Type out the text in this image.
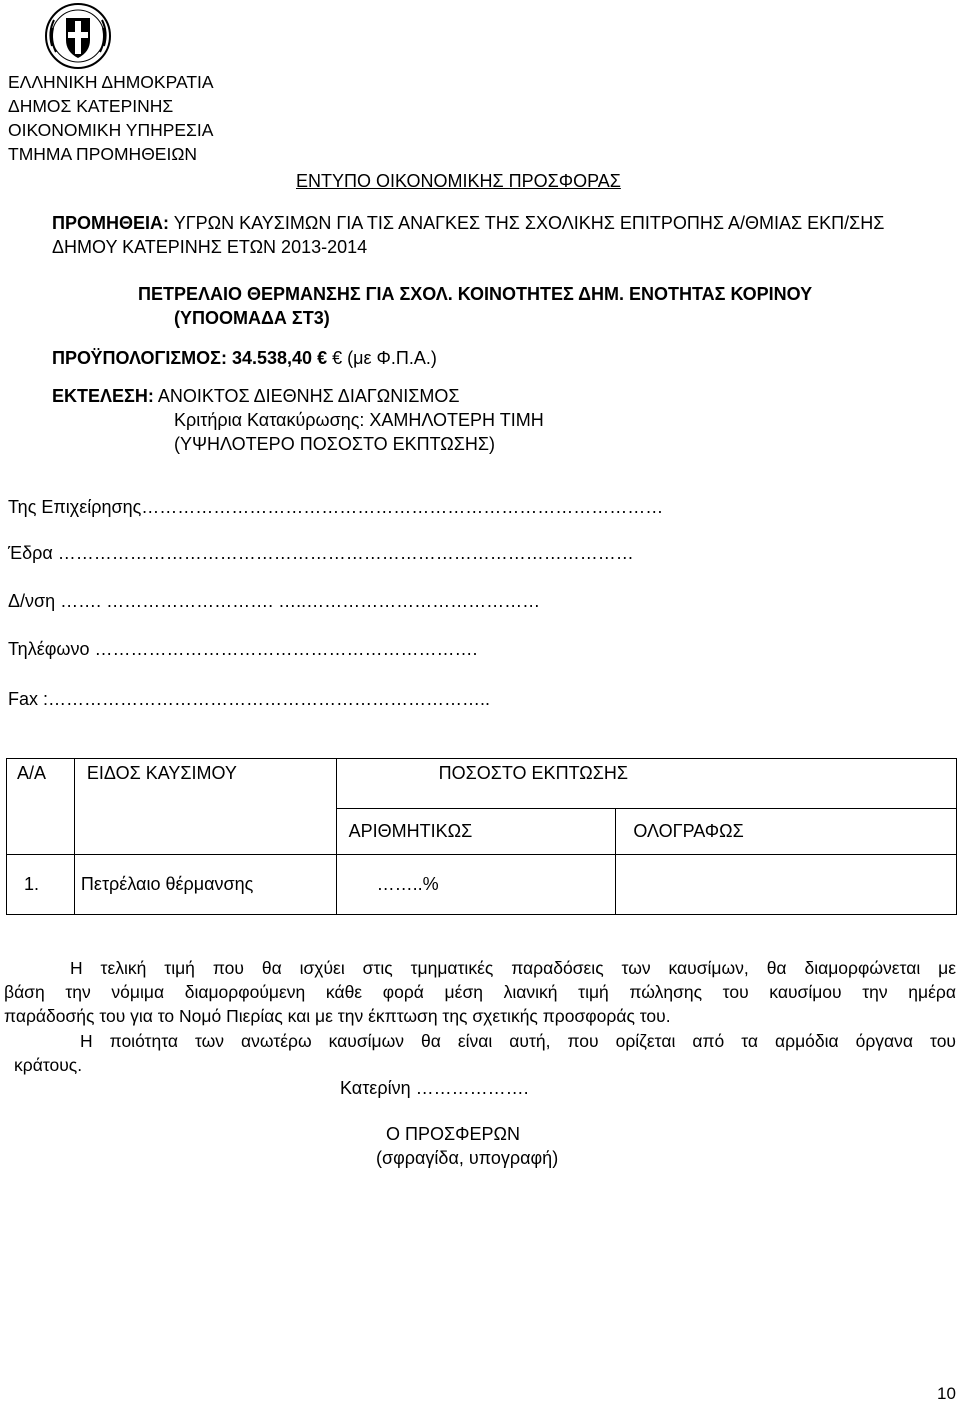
ΕΛΛΗΝΙΚΗ ΔΗΜΟΚΡΑΤΙΑ
ΔΗΜΟΣ ΚΑΤΕΡΙΝΗΣ
ΟΙΚΟΝΟΜΙΚΗ ΥΠΗΡΕΣΙΑ
ΤΜΗΜΑ ΠΡΟΜΗΘΕΙΩΝ
ΕΝΤΥΠΟ ΟΙΚΟΝΟΜΙΚΗΣ ΠΡΟΣΦΟΡΑΣ
ΠΡΟΜΗΘΕΙΑ: ΥΓΡΩΝ ΚΑΥΣΙΜΩΝ ΓΙΑ ΤΙΣ ΑΝΑΓΚΕΣ ΤΗΣ ΣΧΟΛΙΚΗΣ ΕΠΙΤΡΟΠΗΣ Α/ΘΜΙΑΣ ΕΚΠ/ΣΗΣ
ΔΗΜΟΥ ΚΑΤΕΡΙΝΗΣ ΕΤΩΝ 2013-2014
ΠΕΤΡΕΛΑΙΟ ΘΕΡΜΑΝΣΗΣ ΓΙΑ ΣΧΟΛ. ΚΟΙΝΟΤΗΤΕΣ ΔΗΜ. ΕΝΟΤΗΤΑΣ ΚΟΡΙΝΟΥ
(ΥΠΟΟΜΑΔΑ ΣΤ3)
ΠΡΟΫΠΟΛΟΓΙΣΜΟΣ: 34.538,40 € € (με Φ.Π.Α.)
ΕΚΤΕΛΕΣΗ: ΑΝΟΙΚΤΟΣ ΔΙΕΘΝΗΣ ΔΙΑΓΩΝΙΣΜΟΣ
Κριτήρια Κατακύρωσης: ΧΑΜΗΛΟΤΕΡΗ ΤΙΜΗ
(ΥΨΗΛΟΤΕΡΟ ΠΟΣΟΣΤΟ ΕΚΠΤΩΣΗΣ)
Της Επιχείρησης……………………………………………………………………………
Έδρα ……………………………………………………………………………………
Δ/νση ……. ………………………. …..…………………………………
Τηλέφωνο ……………………………………………………….
Fax :………………………………………………………………..
Α/Α	ΕΙΔΟΣ ΚΑΥΣΙΜΟΥ	ΠΟΣΟΣΤΟ ΕΚΠΤΩΣΗΣ	
		ΑΡΙΘΜΗΤΙΚΩΣ	ΟΛΟΓΡΑΦΩΣ
1.	Πετρέλαιο θέρμανσης	……..%	
Η τελική τιμή που θα ισχύει στις τμηματικές παραδόσεις των καυσίμων, θα διαμορφώνεται με
βάση την νόμιμα διαμορφούμενη κάθε φορά μέση λιανική τιμή πώλησης του καυσίμου την ημέρα
παράδοσής του για το Νομό Πιερίας και με την έκπτωση της σχετικής προσφοράς του.
Η ποιότητα των ανωτέρω καυσίμων θα είναι αυτή, που ορίζεται από τα αρμόδια όργανα του
κράτους.
Κατερίνη ……………….
Ο ΠΡΟΣΦΕΡΩΝ
(σφραγίδα, υπογραφή)
10
